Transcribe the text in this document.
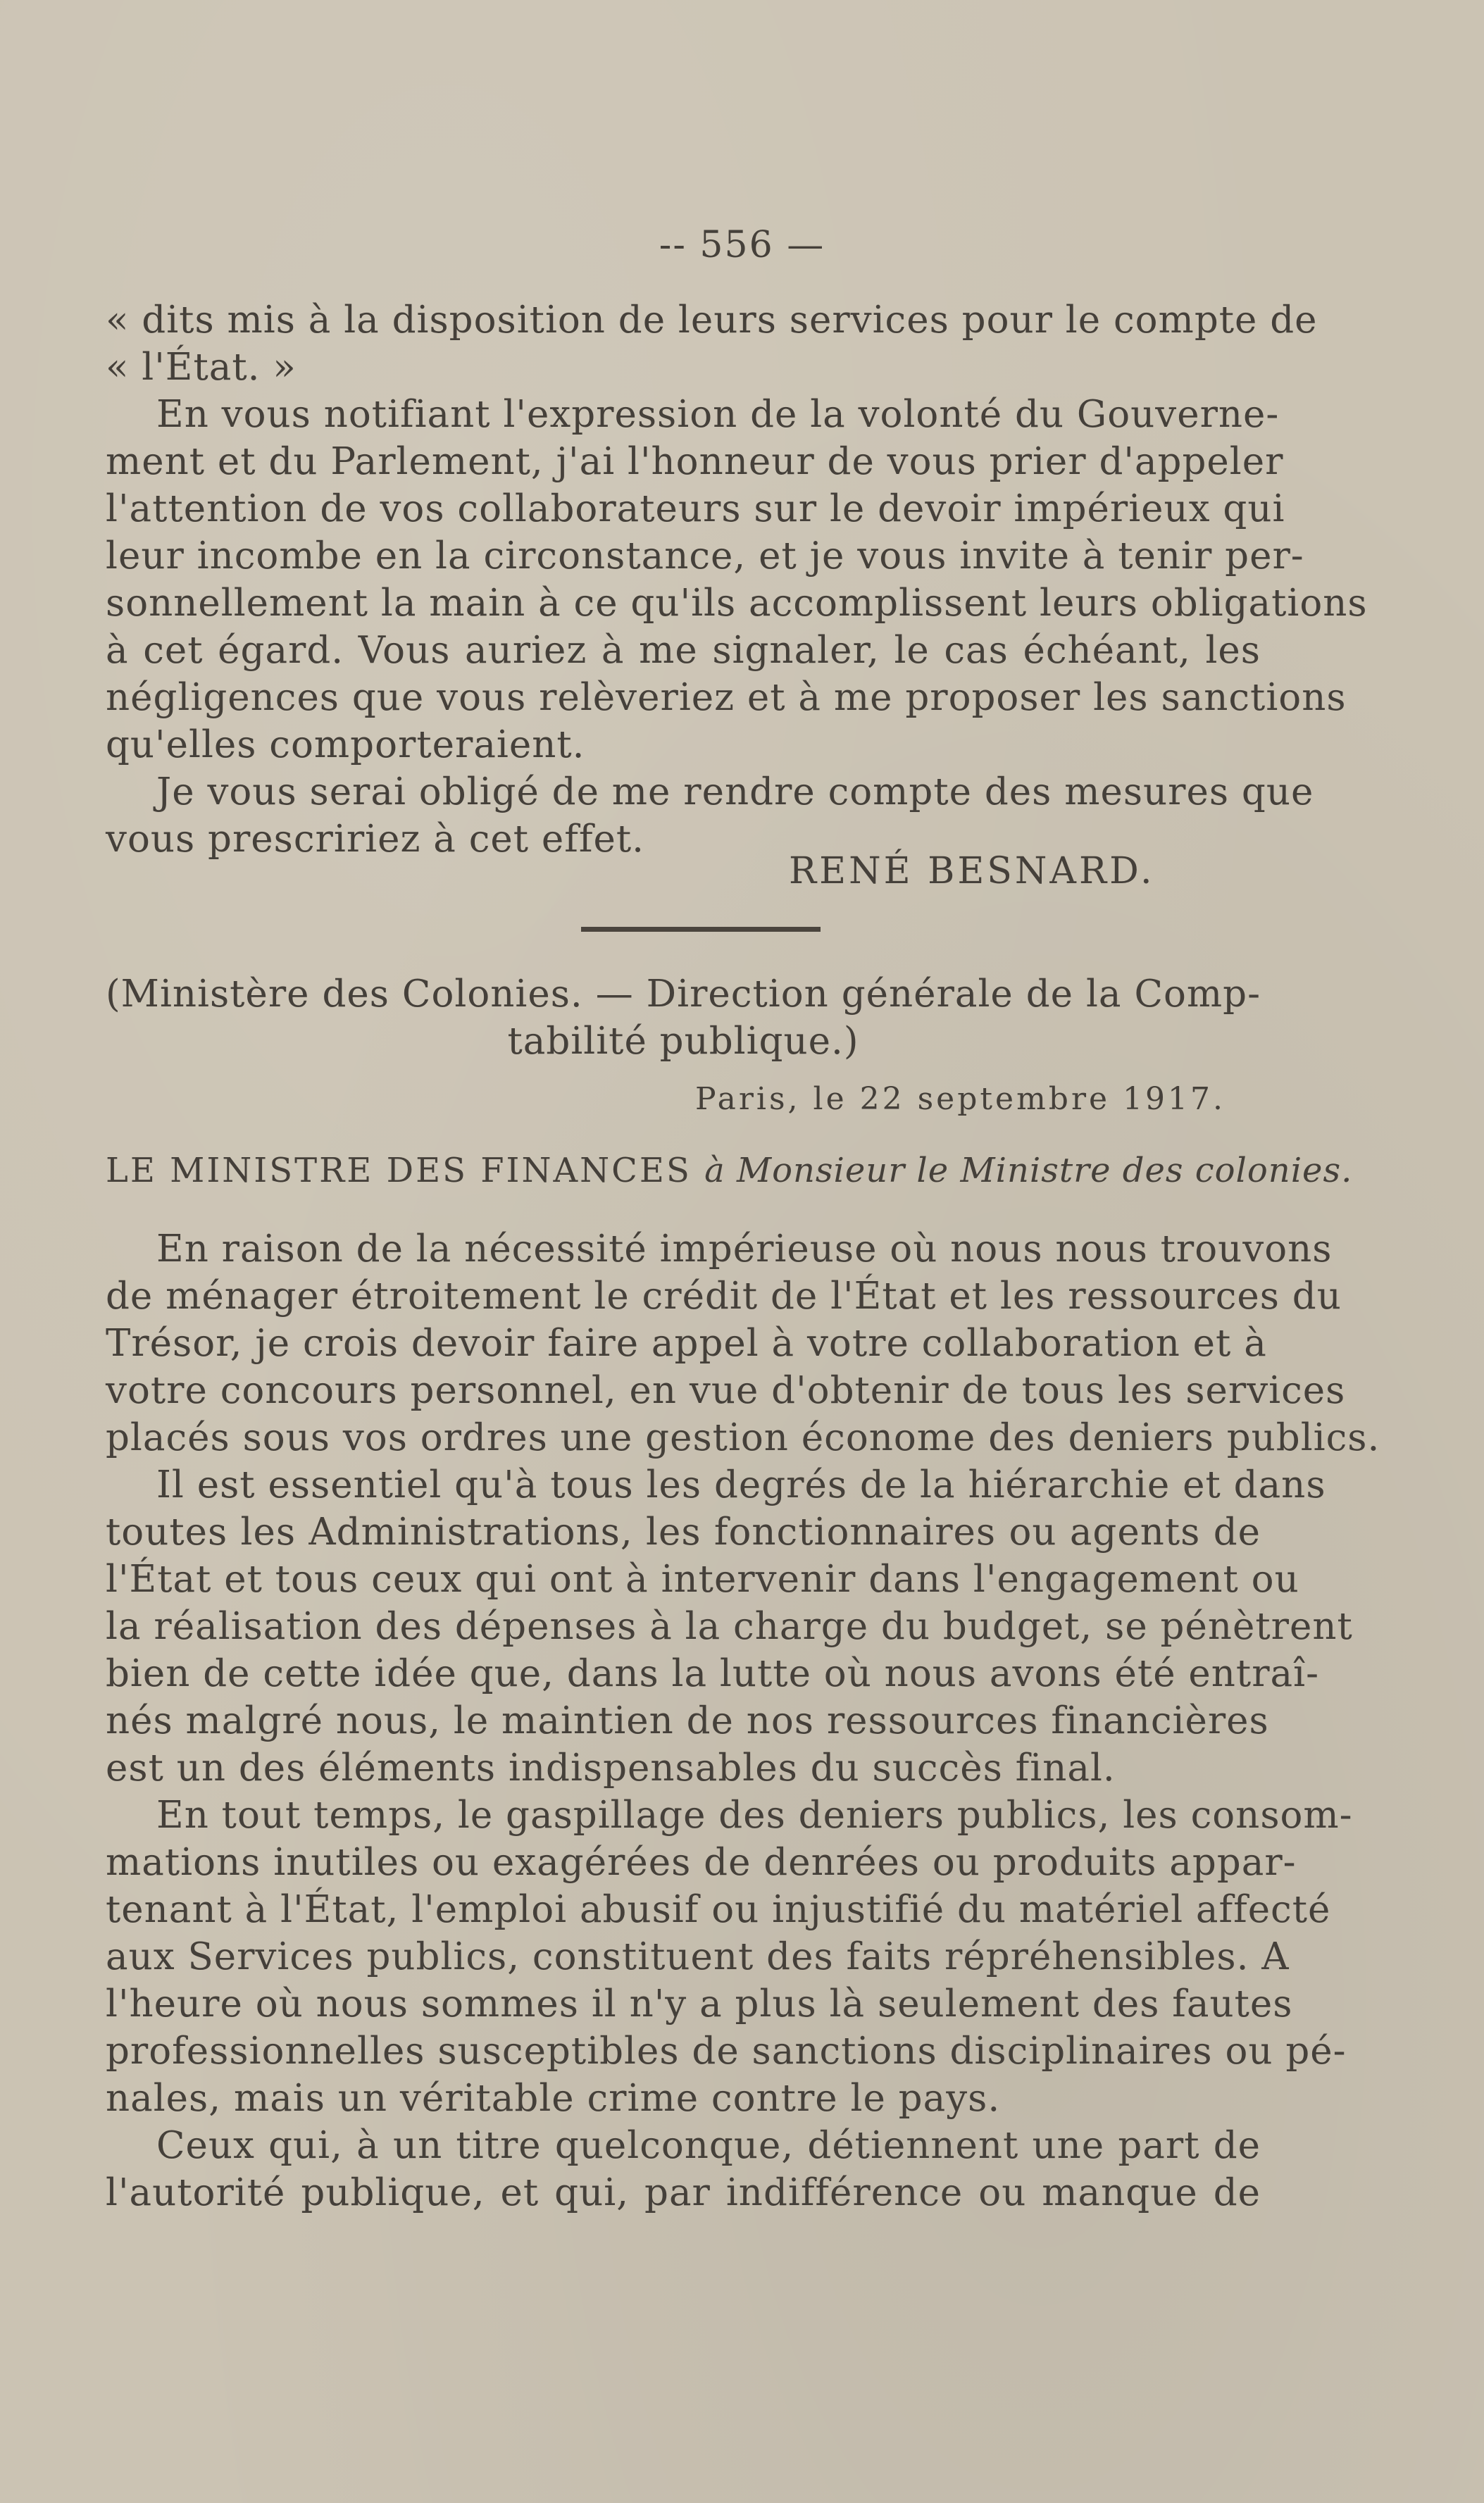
-- 556 —
« dits mis à la disposition de leurs services pour le compte de
« l'État. »
En vous notifiant l'expression de la volonté du Gouverne-
ment et du Parlement, j'ai l'honneur de vous prier d'appeler
l'attention de vos collaborateurs sur le devoir impérieux qui
leur incombe en la circonstance, et je vous invite à tenir per-
sonnellement la main à ce qu'ils accomplissent leurs obligations
à cet égard. Vous auriez à me signaler, le cas échéant, les
négligences que vous relèveriez et à me proposer les sanctions
qu'elles comporteraient.
Je vous serai obligé de me rendre compte des mesures que
vous prescririez à cet effet.
RENÉ BESNARD.
(Ministère des Colonies. — Direction générale de la Comp-
tabilité publique.)
Paris, le 22 septembre 1917.
LE MINISTRE DES FINANCES à Monsieur le Ministre des colonies.
En raison de la nécessité impérieuse où nous nous trouvons
de ménager étroitement le crédit de l'État et les ressources du
Trésor, je crois devoir faire appel à votre collaboration et à
votre concours personnel, en vue d'obtenir de tous les services
placés sous vos ordres une gestion économe des deniers publics.
Il est essentiel qu'à tous les degrés de la hiérarchie et dans
toutes les Administrations, les fonctionnaires ou agents de
l'État et tous ceux qui ont à intervenir dans l'engagement ou
la réalisation des dépenses à la charge du budget, se pénètrent
bien de cette idée que, dans la lutte où nous avons été entraî-
nés malgré nous, le maintien de nos ressources financières
est un des éléments indispensables du succès final.
En tout temps, le gaspillage des deniers publics, les consom-
mations inutiles ou exagérées de denrées ou produits appar-
tenant à l'État, l'emploi abusif ou injustifié du matériel affecté
aux Services publics, constituent des faits répréhensibles. A
l'heure où nous sommes il n'y a plus là seulement des fautes
professionnelles susceptibles de sanctions disciplinaires ou pé-
nales, mais un véritable crime contre le pays.
Ceux qui, à un titre quelconque, détiennent une part de
l'autorité publique, et qui, par indifférence ou manque de
